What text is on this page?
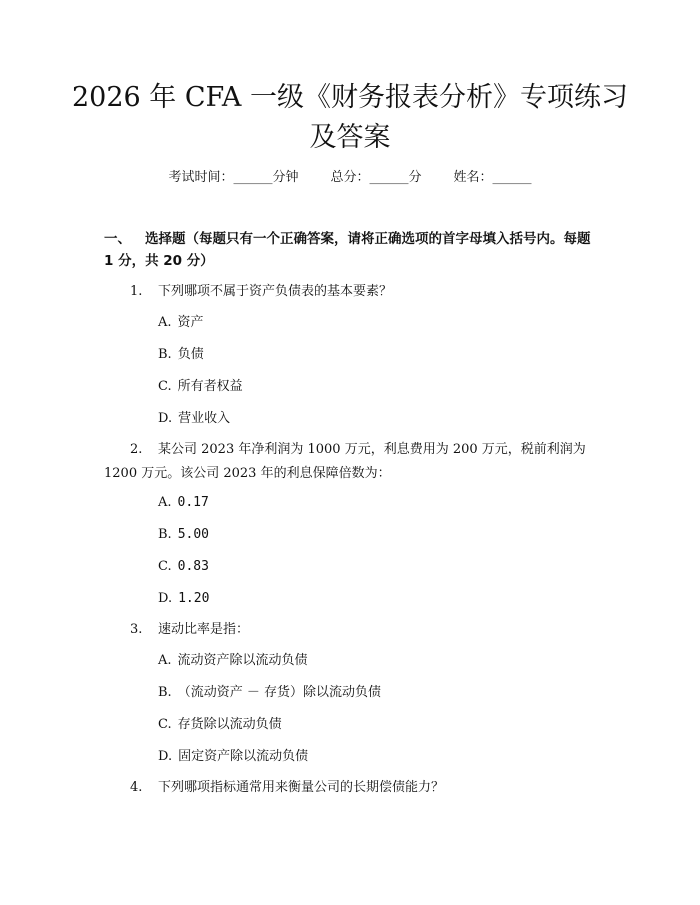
2026 年 CFA 一级《财务报表分析》专项练习及答案
考试时间：______分钟 总分：______分 姓名：______
一、 选择题（每题只有一个正确答案，请将正确选项的首字母填入括号内。每题 1 分，共 20 分）
1. 下列哪项不属于资产负债表的基本要素？
A. 资产
B. 负债
C. 所有者权益
D. 营业收入
2. 某公司 2023 年净利润为 1000 万元，利息费用为 200 万元，税前利润为
1200 万元。该公司 2023 年的利息保障倍数为：
A. 0.17
B. 5.00
C. 0.83
D. 1.20
3. 速动比率是指：
A. 流动资产除以流动负债
B. （流动资产 － 存货）除以流动负债
C. 存货除以流动负债
D. 固定资产除以流动负债
4. 下列哪项指标通常用来衡量公司的长期偿债能力？
